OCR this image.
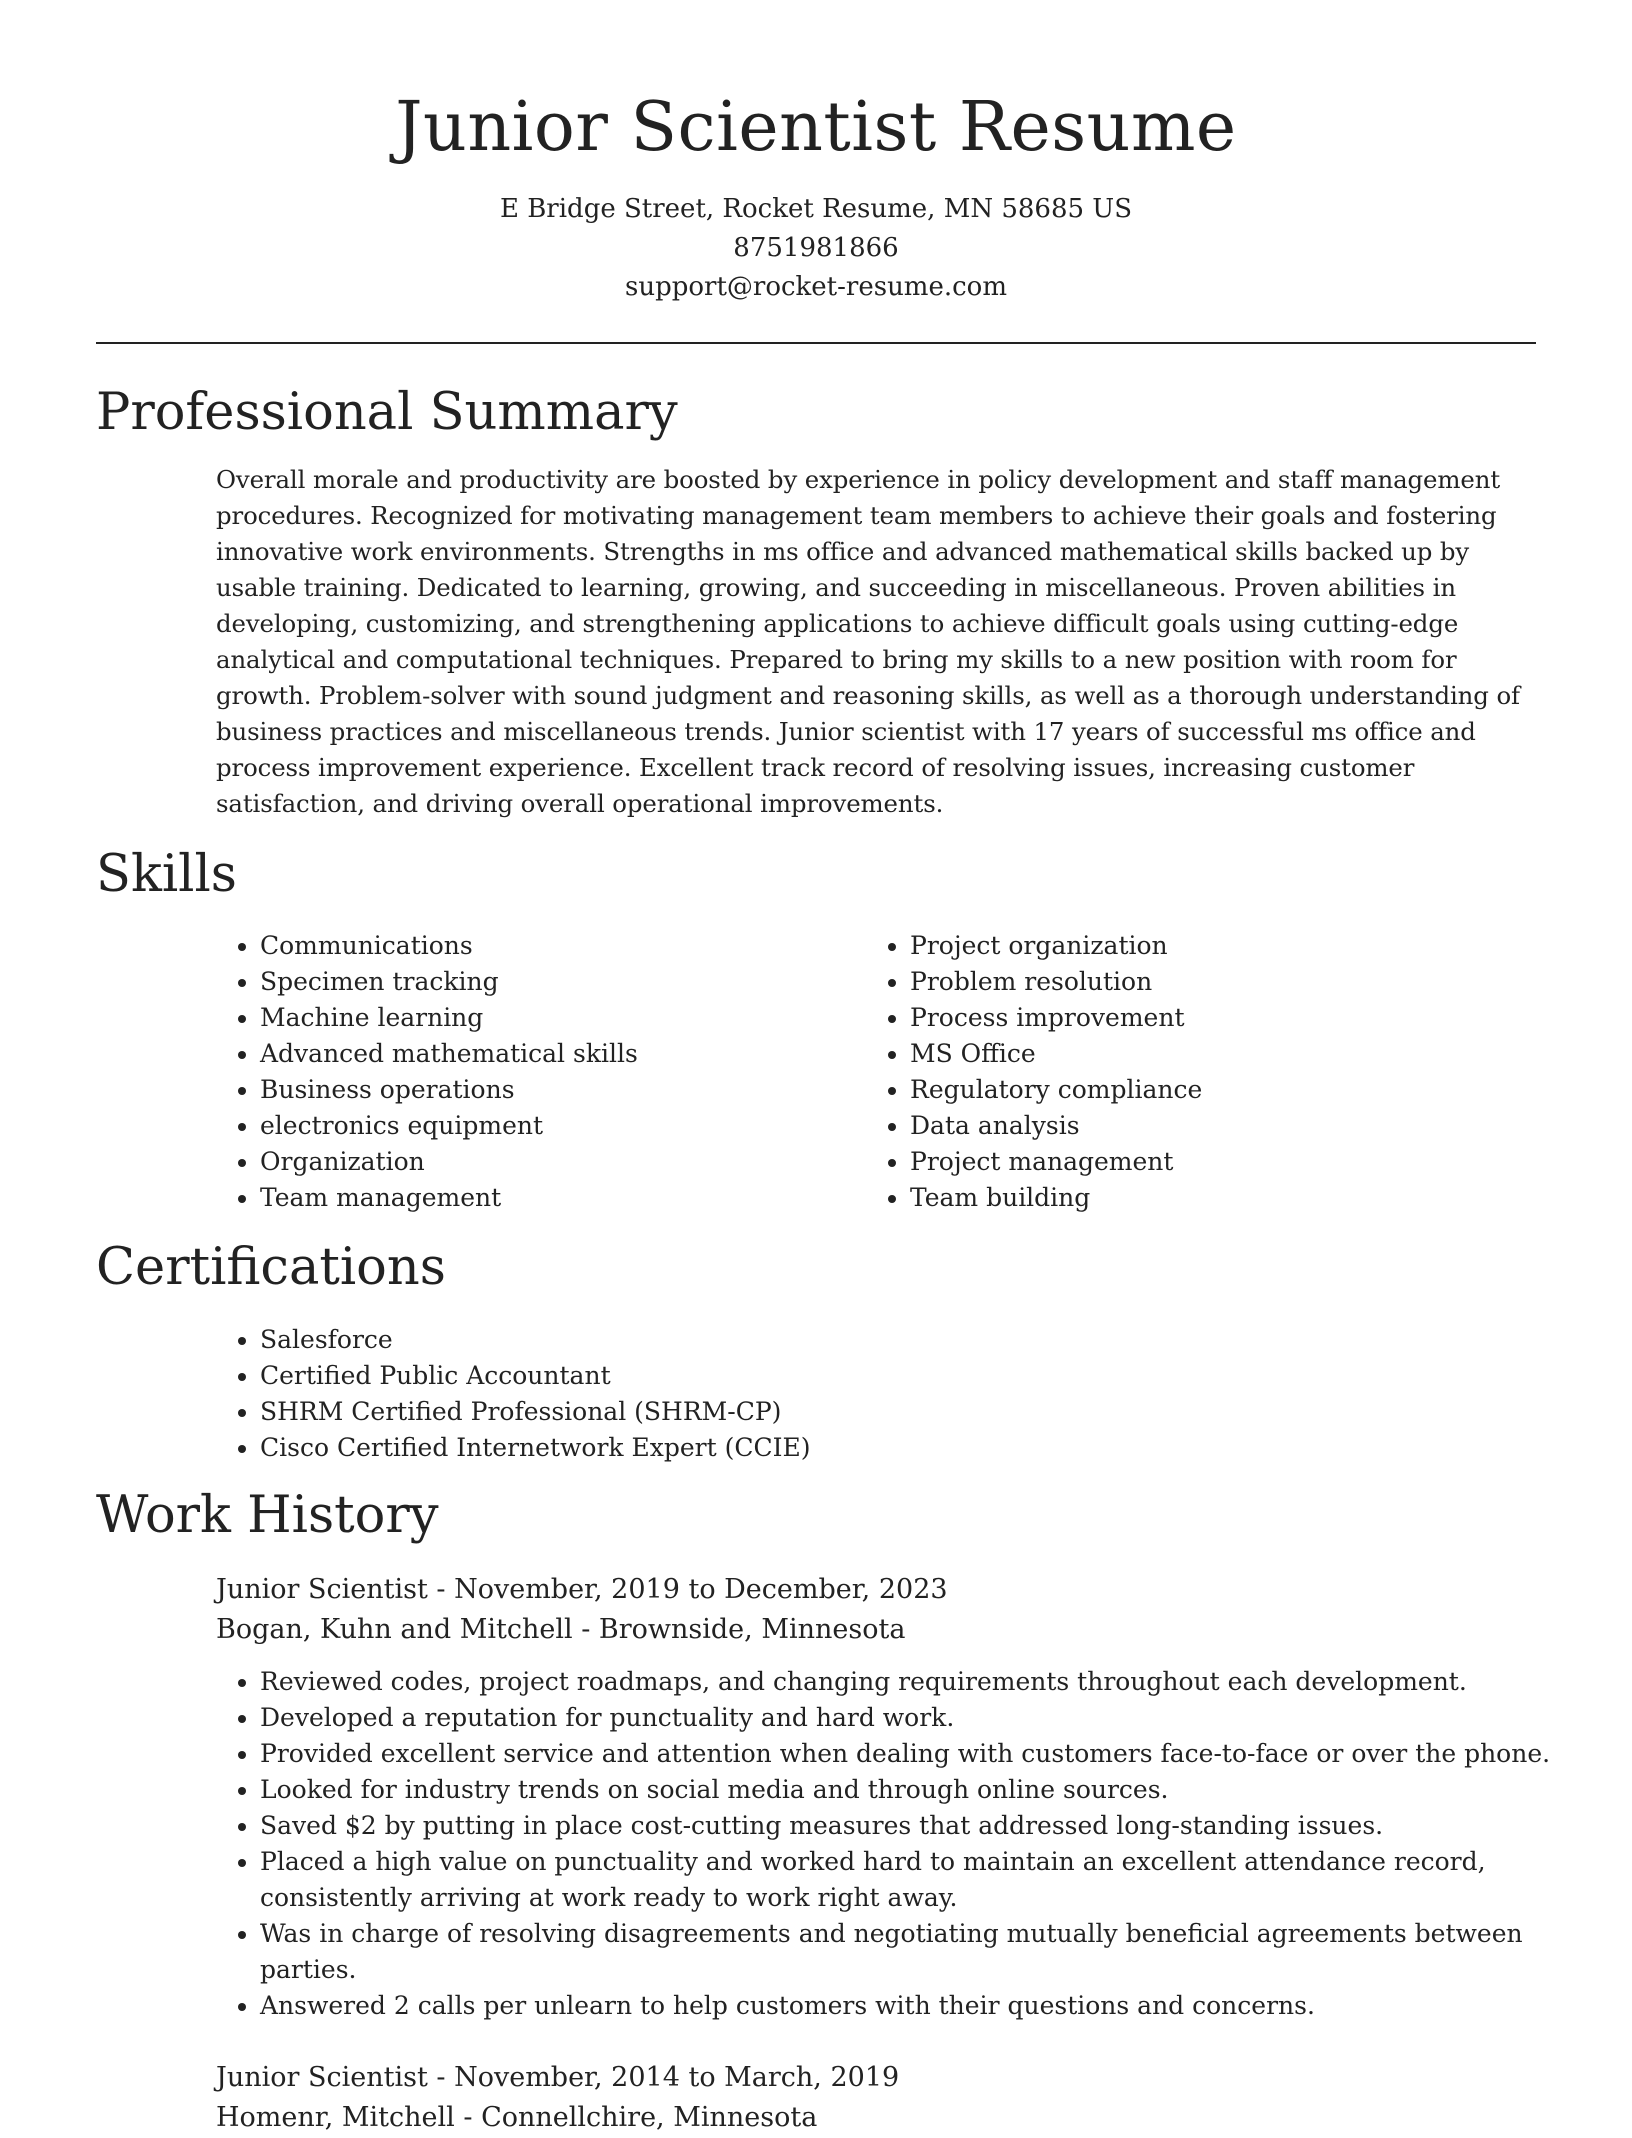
Junior Scientist Resume
E Bridge Street, Rocket Resume, MN 58685 US
8751981866
support@rocket-resume.com
Professional Summary

Overall morale and productivity are boosted by experience in policy development and staff management procedures. Recognized for motivating management team members to achieve their goals and fostering innovative work environments. Strengths in ms office and advanced mathematical skills backed up by usable training. Dedicated to learning, growing, and succeeding in miscellaneous. Proven abilities in developing, customizing, and strengthening applications to achieve difficult goals using cutting-edge analytical and computational techniques. Prepared to bring my skills to a new position with room for growth. Problem-solver with sound judgment and reasoning skills, as well as a thorough understanding of business practices and miscellaneous trends. Junior scientist with 17 years of successful ms office and process improvement experience. Excellent track record of resolving issues, increasing customer satisfaction, and driving overall operational improvements.

Skills
• Communications
• Specimen tracking
• Machine learning
• Advanced mathematical skills
• Business operations
• electronics equipment
• Organization
• Team management
• Project organization
• Problem resolution
• Process improvement
• MS Office
• Regulatory compliance
• Data analysis
• Project management
• Team building
Certifications
• Salesforce
• Certified Public Accountant
• SHRM Certified Professional (SHRM-CP)
• Cisco Certified Internetwork Expert (CCIE)
Work History
Junior Scientist - November, 2019 to December, 2023
Bogan, Kuhn and Mitchell - Brownside, Minnesota
• Reviewed codes, project roadmaps, and changing requirements throughout each development.
• Developed a reputation for punctuality and hard work.
• Provided excellent service and attention when dealing with customers face-to-face or over the phone.
• Looked for industry trends on social media and through online sources.
• Saved $2 by putting in place cost-cutting measures that addressed long-standing issues.
• Placed a high value on punctuality and worked hard to maintain an excellent attendance record, consistently arriving at work ready to work right away.
• Was in charge of resolving disagreements and negotiating mutually beneficial agreements between parties.
• Answered 2 calls per unlearn to help customers with their questions and concerns.
Junior Scientist - November, 2014 to March, 2019
Homenr, Mitchell - Connellchire, Minnesota
